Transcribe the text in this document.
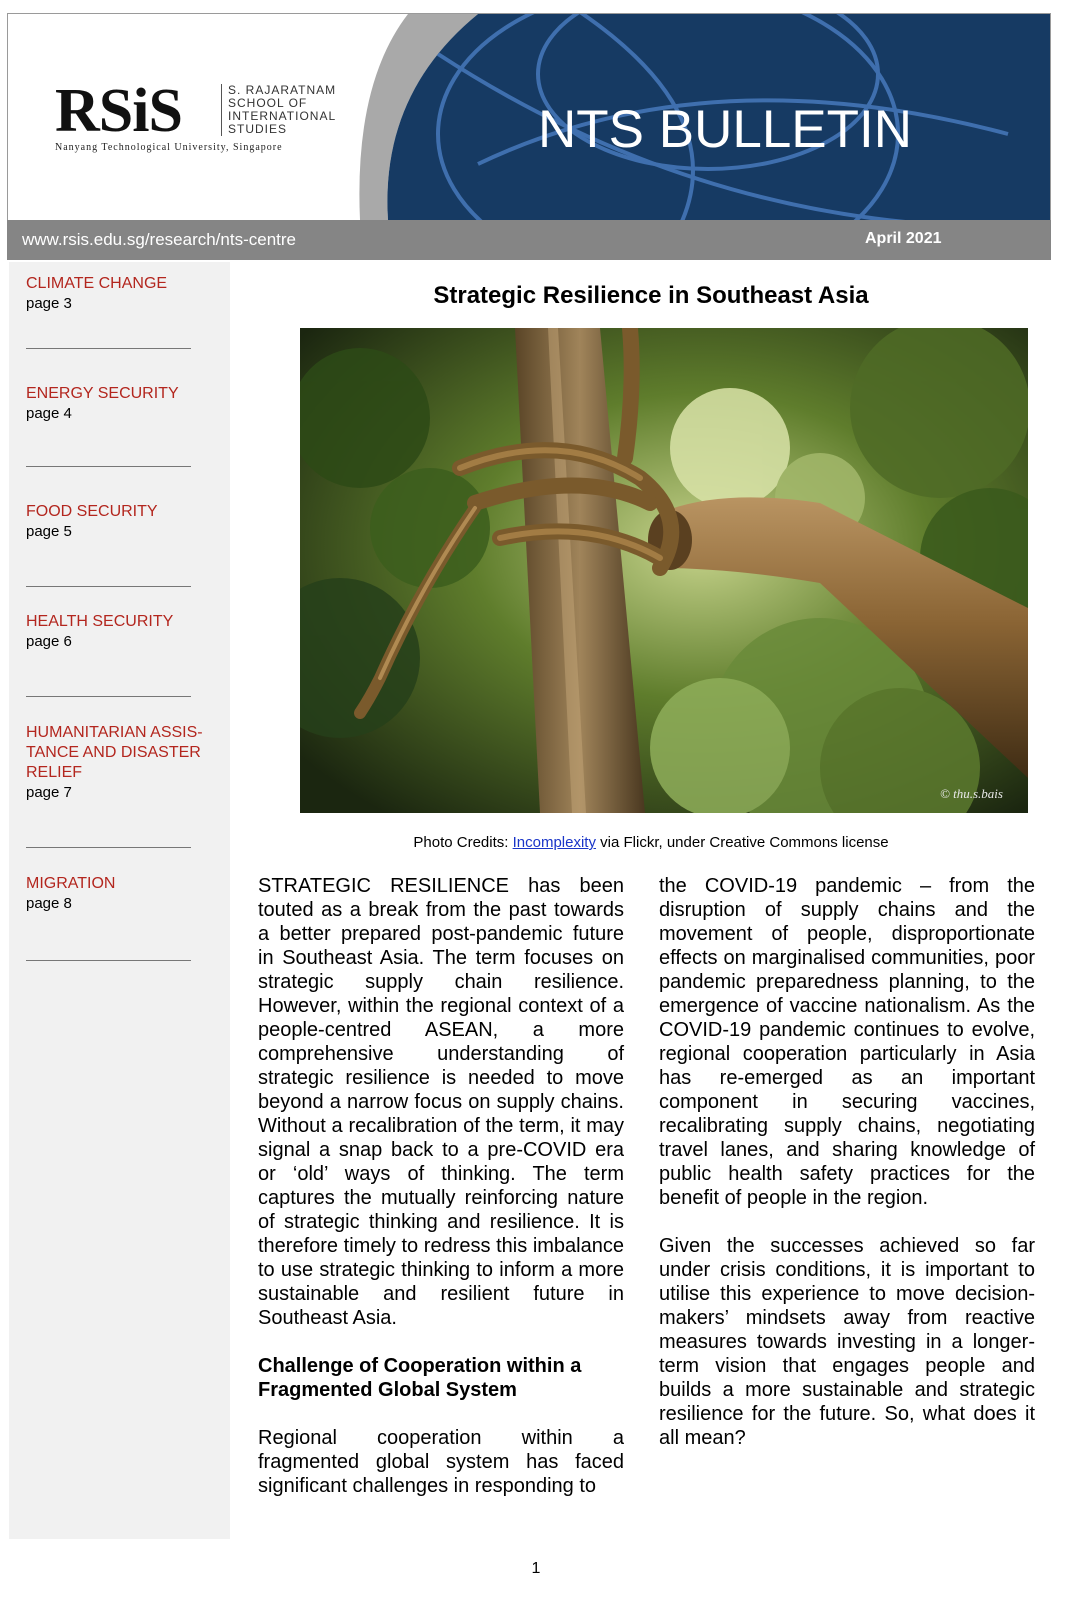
RSiS	S. RAJARATNAM
SCHOOL OF
INTERNATIONAL
STUDIES
Nanyang Technological University, Singapore	NTS BULLETIN
www.rsis.edu.sg/research/nts-centre	April 2021
CLIMATE CHANGE
page 3
ENERGY SECURITY
page 4
FOOD SECURITY
page 5
HEALTH SECURITY
page 6
HUMANITARIAN ASSIS-
TANCE AND DISASTER
RELIEF
page 7
MIGRATION
page 8
Strategic Resilience in Southeast Asia
© thu.s.bais
Photo Credits: Incomplexity via Flickr, under Creative Commons license

STRATEGIC RESILIENCE has been touted as a break from the past towards a better prepared post-pandemic future in Southeast Asia. The term focuses on strategic supply chain resilience. However, within the regional context of a people-centred ASEAN, a more comprehensive understanding of strategic resilience is needed to move beyond a narrow focus on supply chains. Without a recalibration of the term, it may signal a snap back to a pre-COVID era or ‘old’ ways of thinking. The term captures the mutually reinforcing nature of strategic thinking and resilience. It is therefore timely to redress this imbalance to use strategic thinking to inform a more sustainable and resilient future in Southeast Asia.

Challenge of Cooperation within a Fragmented Global System

Regional cooperation within a fragmented global system has faced significant challenges in responding to

the COVID-19 pandemic – from the disruption of supply chains and the movement of people, disproportionate effects on marginalised communities, poor pandemic preparedness planning, to the emergence of vaccine nationalism. As the COVID-19 pandemic continues to evolve, regional cooperation particularly in Asia has re-emerged as an important component in securing vaccines, recalibrating supply chains, negotiating travel lanes, and sharing knowledge of public health safety practices for the benefit of people in the region.

Given the successes achieved so far under crisis conditions, it is important to utilise this experience to move decision-makers’ mindsets away from reactive measures towards investing in a longer-term vision that engages people and builds a more sustainable and strategic resilience for the future. So, what does it all mean?

1
